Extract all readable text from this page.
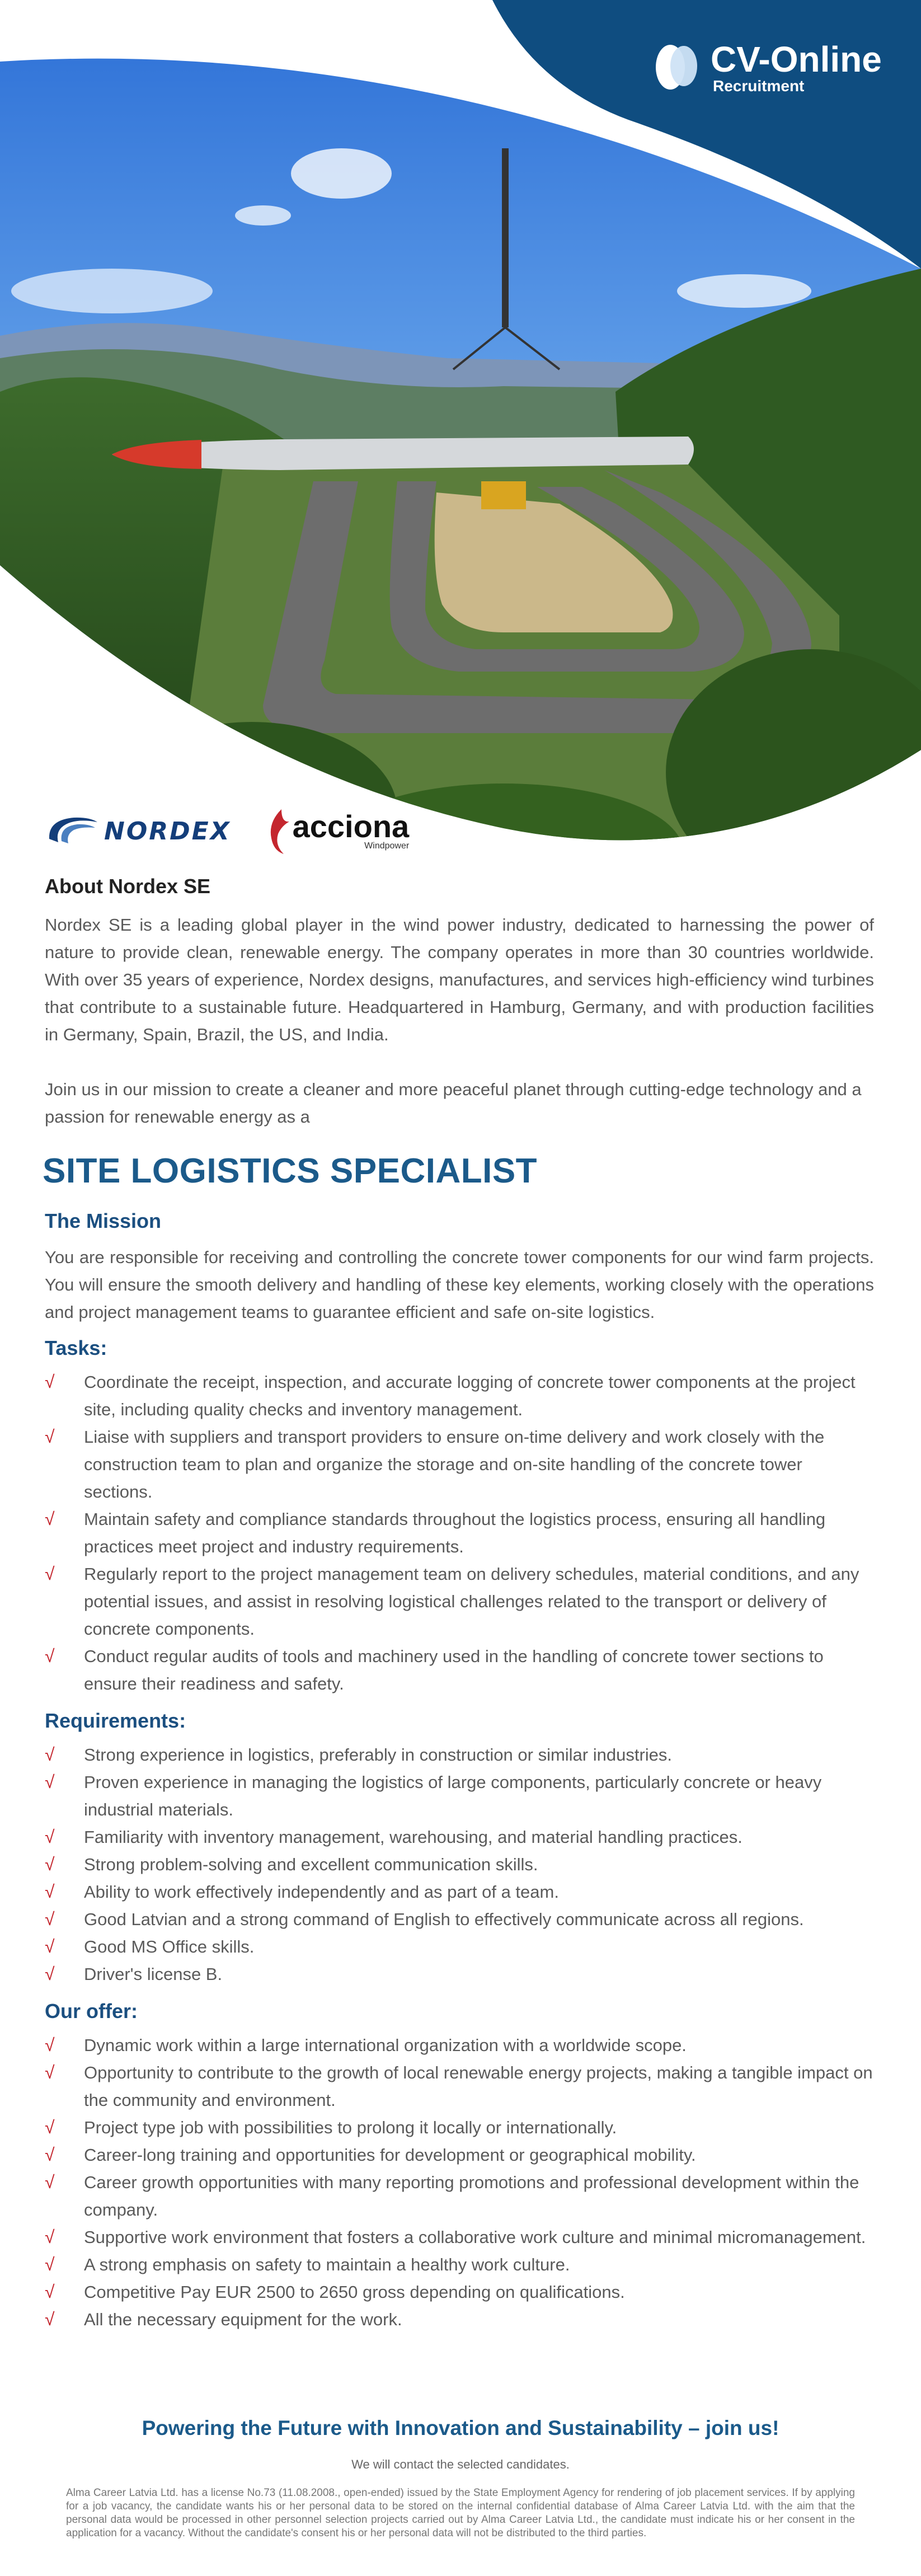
CV-Online
Recruitment
NORDEX acciona
Windpower
About Nordex SE

Nordex SE is a leading global player in the wind power industry, dedicated to harnessing the power of nature to provide clean, renewable energy. The company operates in more than 30 countries worldwide. With over 35 years of experience, Nordex designs, manufactures, and services high-efficiency wind turbines that contribute to a sustainable future. Headquartered in Hamburg, Germany, and with production facilities in Germany, Spain, Brazil, the US, and India.

Join us in our mission to create a cleaner and more peaceful planet through cutting-edge technology and a passion for renewable energy as a

SITE LOGISTICS SPECIALIST
The Mission

You are responsible for receiving and controlling the concrete tower components for our wind farm projects. You will ensure the smooth delivery and handling of these key elements, working closely with the operations and project management teams to guarantee efficient and safe on-site logistics.

Tasks:
√	Coordinate the receipt, inspection, and accurate logging of concrete tower components at the project site, including quality checks and inventory management.
√	Liaise with suppliers and transport providers to ensure on-time delivery and work closely with the construction team to plan and organize the storage and on-site handling of the concrete tower sections.
√	Maintain safety and compliance standards throughout the logistics process, ensuring all handling practices meet project and industry requirements.
√	Regularly report to the project management team on delivery schedules, material conditions, and any potential issues, and assist in resolving logistical challenges related to the transport or delivery of concrete components.
√	Conduct regular audits of tools and machinery used in the handling of concrete tower sections to ensure their readiness and safety.
Requirements:
√	Strong experience in logistics, preferably in construction or similar industries.
√	Proven experience in managing the logistics of large components, particularly concrete or heavy industrial materials.
√	Familiarity with inventory management, warehousing, and material handling practices.
√	Strong problem-solving and excellent communication skills.
√	Ability to work effectively independently and as part of a team.
√	Good Latvian and a strong command of English to effectively communicate across all regions.
√	Good MS Office skills.
√	Driver's license B.
Our offer:
√	Dynamic work within a large international organization with a worldwide scope.
√	Opportunity to contribute to the growth of local renewable energy projects, making a tangible impact on the community and environment.
√	Project type job with possibilities to prolong it locally or internationally.
√	Career-long training and opportunities for development or geographical mobility.
√	Career growth opportunities with many reporting promotions and professional development within the company.
√	Supportive work environment that fosters a collaborative work culture and minimal micromanagement.
√	A strong emphasis on safety to maintain a healthy work culture.
√	Competitive Pay EUR 2500 to 2650 gross depending on qualifications.
√	All the necessary equipment for the work.
Powering the Future with Innovation and Sustainability – join us!
We will contact the selected candidates.
Alma Career Latvia Ltd. has a license No.73 (11.08.2008., open-ended) issued by the State Employment Agency for rendering of job placement services. If by applying for a job vacancy, the candidate wants his or her personal data to be stored on the internal confidential database of Alma Career Latvia Ltd. with the aim that the personal data would be processed in other personnel selection projects carried out by Alma Career Latvia Ltd., the candidate must indicate his or her consent in the application for a vacancy. Without the candidate's consent his or her personal data will not be distributed to the third parties.
